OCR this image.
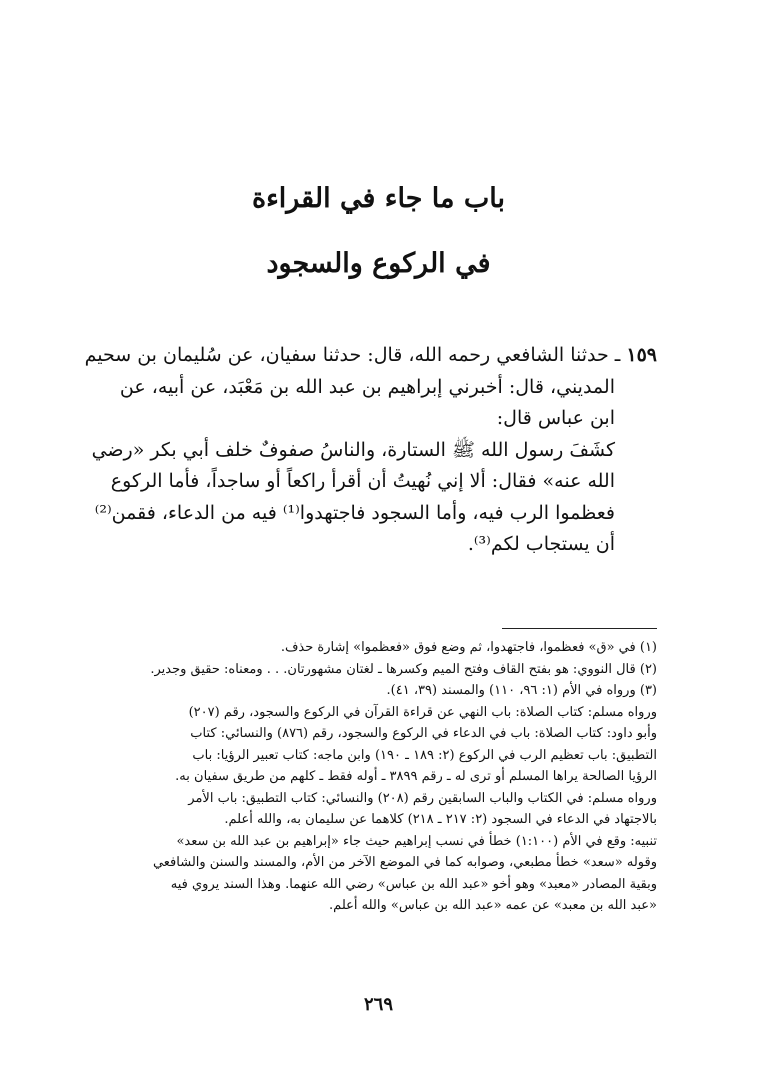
باب ما جاء في القراءة
في الركوع والسجود
١٥٩ ـ حدثنا الشافعي رحمه الله، قال: حدثنا سفيان، عن سُليمان بن سحيم
المديني، قال: أخبرني إبراهيم بن عبد الله بن مَعْبَد، عن أبيه، عن
ابن عباس قال:
كشَفَ رسول الله ﷺ الستارة، والناسُ صفوفٌ خلف أبي بكر «رضي
الله عنه» فقال: ألا إني نُهيتُ أن أقرأ راكعاً أو ساجداً، فأما الركوع
فعظموا الرب فيه، وأما السجود فاجتهدوا⁽¹⁾ فيه من الدعاء، فقمن⁽²⁾
أن يستجاب لكم⁽³⁾.
(١) في «ق» فعظموا، فاجتهدوا، ثم وضع فوق «فعظموا» إشارة حذف.
(٢) قال النووي: هو بفتح القاف وفتح الميم وكسرها ـ لغتان مشهورتان. . . ومعناه: حقيق وجدير.
(٣) ورواه في الأم (١: ٩٦، ١١٠) والمسند (٣٩، ٤١).
ورواه مسلم: كتاب الصلاة: باب النهي عن قراءة القرآن في الركوع والسجود، رقم (٢٠٧)
وأبو داود: كتاب الصلاة: باب في الدعاء في الركوع والسجود، رقم (٨٧٦) والنسائي: كتاب
التطبيق: باب تعظيم الرب في الركوع (٢: ١٨٩ ـ ١٩٠) وابن ماجه: كتاب تعبير الرؤيا: باب
الرؤيا الصالحة يراها المسلم أو ترى له ـ رقم ٣٨٩٩ ـ أوله فقط ـ كلهم من طريق سفيان به.
ورواه مسلم: في الكتاب والباب السابقين رقم (٢٠٨) والنسائي: كتاب التطبيق: باب الأمر
بالاجتهاد في الدعاء في السجود (٢: ٢١٧ ـ ٢١٨) كلاهما عن سليمان به، والله أعلم.
تنبيه: وقع في الأم (١:١٠٠) خطأ في نسب إبراهيم حيث جاء «إبراهيم بن عبد الله بن سعد»
وقوله «سعد» خطأ مطبعي، وصوابه كما في الموضع الآخر من الأم، والمسند والسنن والشافعي
وبقية المصادر «معبد» وهو أخو «عبد الله بن عباس» رضي الله عنهما. وهذا السند يروي فيه
«عبد الله بن معبد» عن عمه «عبد الله بن عباس» والله أعلم.

٢٦٩
